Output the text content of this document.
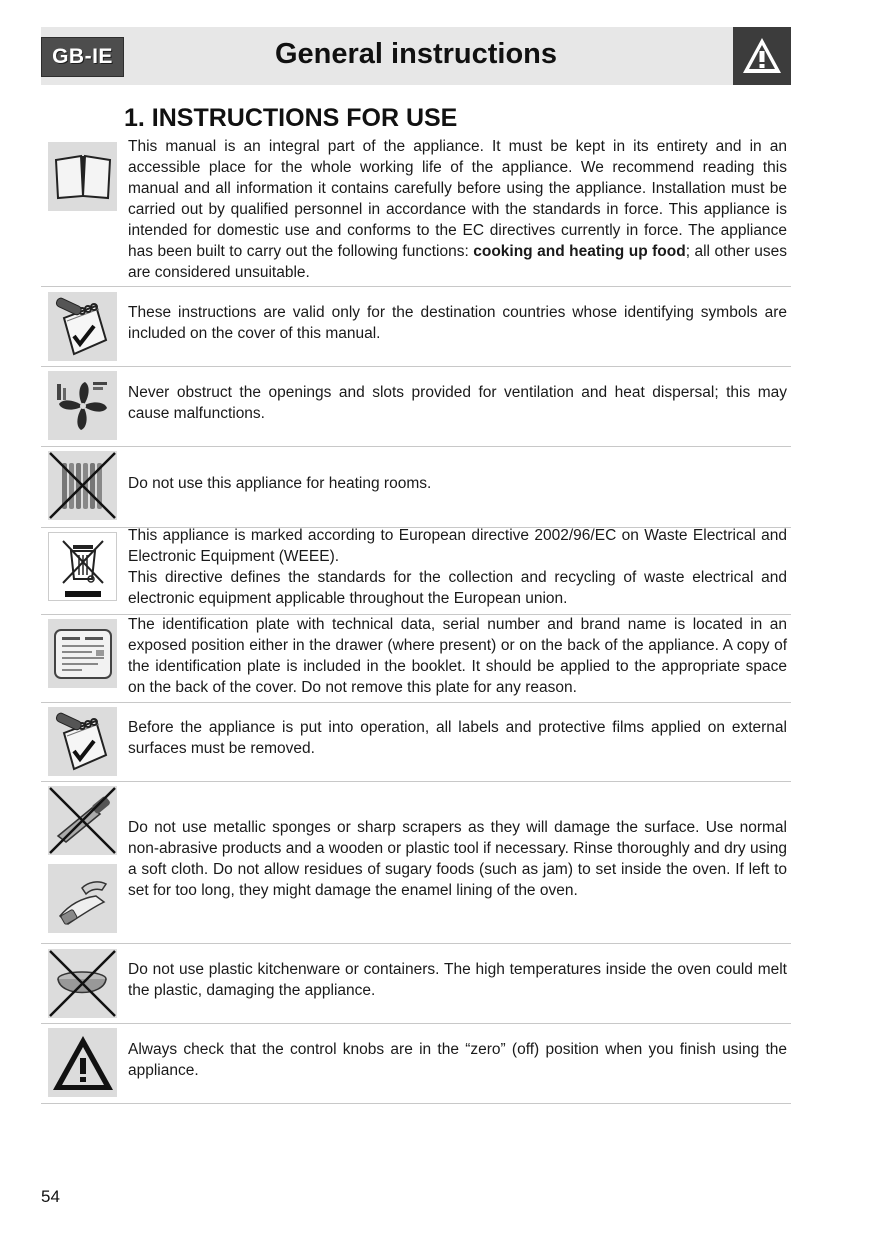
GB-IE	General instructions
1. INSTRUCTIONS FOR USE

This manual is an integral part of the appliance. It must be kept in its entirety and in an accessible place for the whole working life of the appliance. We recommend reading this manual and all information it contains carefully before using the appliance. Installation must be carried out by qualified personnel in accordance with the standards in force. This appliance is intended for domestic use and conforms to the EC directives currently in force. The appliance has been built to carry out the following functions: cooking and heating up food; all other uses are considered unsuitable.

These instructions are valid only for the destination countries whose identifying symbols are included on the cover of this manual.

Never obstruct the openings and slots provided for ventilation and heat dispersal; this may cause malfunctions.

Do not use this appliance for heating rooms.

This appliance is marked according to European directive 2002/96/EC on Waste Electrical and Electronic Equipment (WEEE).
This directive defines the standards for the collection and recycling of waste electrical and electronic equipment applicable throughout the European union.

The identification plate with technical data, serial number and brand name is located in an exposed position either in the drawer (where present) or on the back of the appliance. A copy of the identification plate is included in the booklet. It should be applied to the appropriate space on the back of the cover. Do not remove this plate for any reason.

Before the appliance is put into operation, all labels and protective films applied on external surfaces must be removed.

Do not use metallic sponges or sharp scrapers as they will damage the surface. Use normal non-abrasive products and a wooden or plastic tool if necessary. Rinse thoroughly and dry using a soft cloth. Do not allow residues of sugary foods (such as jam) to set inside the oven. If left to set for too long, they might damage the enamel lining of the oven.

Do not use plastic kitchenware or containers. The high temperatures inside the oven could melt the plastic, damaging the appliance.

Always check that the control knobs are in the “zero” (off) position when you finish using the appliance.

54
